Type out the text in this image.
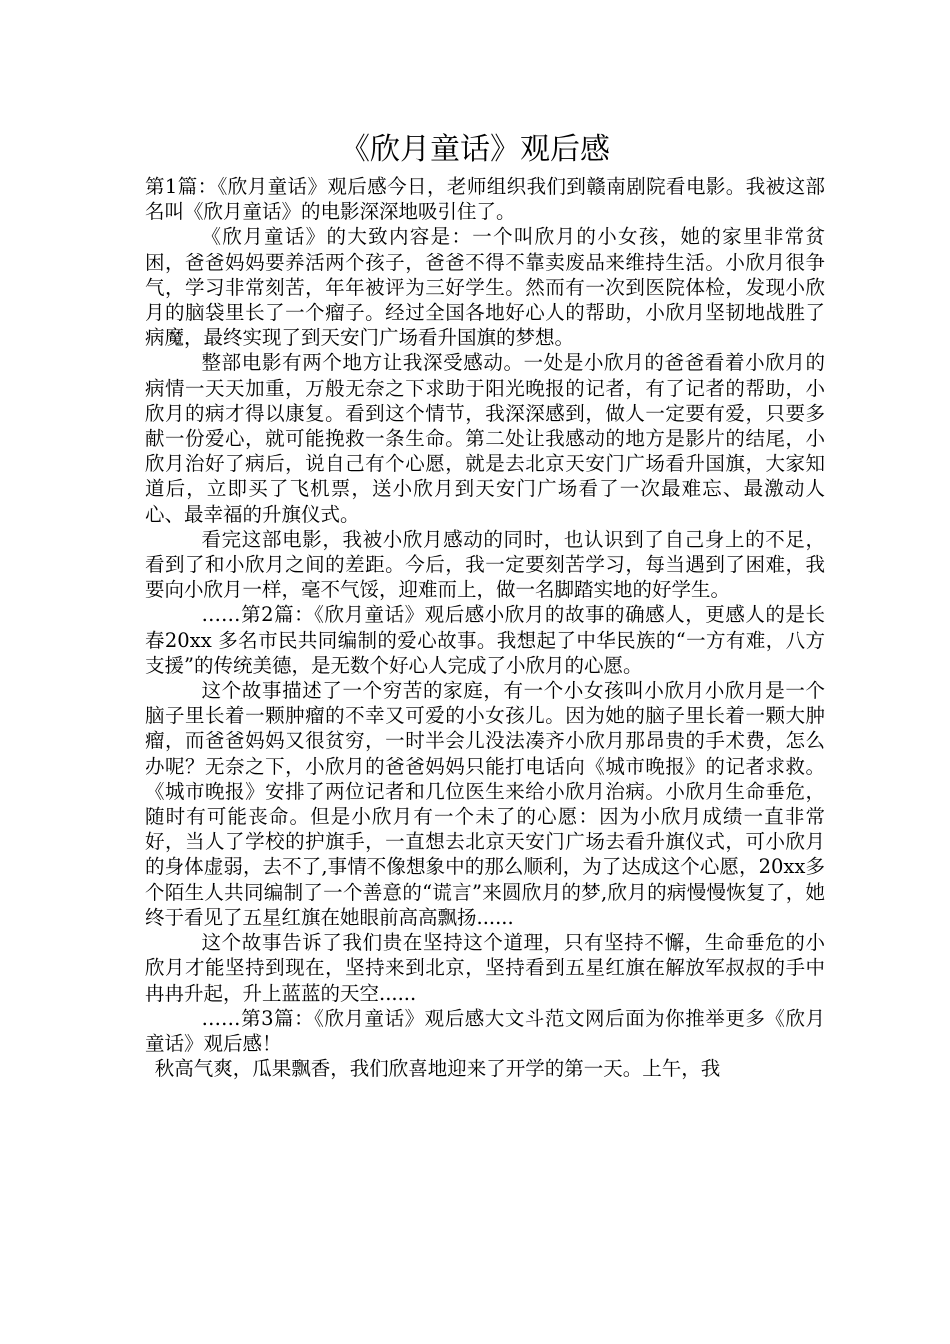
《欣月童话》观后感

第1篇：《欣月童话》观后感今日，老师组织我们到赣南剧院看电影。我被这部名叫《欣月童话》的电影深深地吸引住了。

《欣月童话》的大致内容是：一个叫欣月的小女孩，她的家里非常贫困，爸爸妈妈要养活两个孩子，爸爸不得不靠卖废品来维持生活。小欣月很争气，学习非常刻苦，年年被评为三好学生。然而有一次到医院体检，发现小欣月的脑袋里长了一个瘤子。经过全国各地好心人的帮助，小欣月坚韧地战胜了病魔，最终实现了到天安门广场看升国旗的梦想。

整部电影有两个地方让我深受感动。一处是小欣月的爸爸看着小欣月的病情一天天加重，万般无奈之下求助于阳光晚报的记者，有了记者的帮助，小欣月的病才得以康复。看到这个情节，我深深感到，做人一定要有爱，只要多献一份爱心，就可能挽救一条生命。第二处让我感动的地方是影片的结尾，小欣月治好了病后，说自己有个心愿，就是去北京天安门广场看升国旗，大家知道后，立即买了飞机票，送小欣月到天安门广场看了一次最难忘、最激动人心、最幸福的升旗仪式。

看完这部电影，我被小欣月感动的同时，也认识到了自己身上的不足，看到了和小欣月之间的差距。今后，我一定要刻苦学习，每当遇到了困难，我要向小欣月一样，毫不气馁，迎难而上，做一名脚踏实地的好学生。

……第2篇：《欣月童话》观后感小欣月的故事的确感人，更感人的是长春20xx 多名市民共同编制的爱心故事。我想起了中华民族的“一方有难，八方支援”的传统美德，是无数个好心人完成了小欣月的心愿。

这个故事描述了一个穷苦的家庭，有一个小女孩叫小欣月小欣月是一个脑子里长着一颗肿瘤的不幸又可爱的小女孩儿。因为她的脑子里长着一颗大肿瘤，而爸爸妈妈又很贫穷，一时半会儿没法凑齐小欣月那昂贵的手术费，怎么办呢？无奈之下，小欣月的爸爸妈妈只能打电话向《城市晚报》的记者求救。《城市晚报》安排了两位记者和几位医生来给小欣月治病。小欣月生命垂危，随时有可能丧命。但是小欣月有一个未了的心愿：因为小欣月成绩一直非常好，当人了学校的护旗手，一直想去北京天安门广场去看升旗仪式，可小欣月的身体虚弱，去不了,事情不像想象中的那么顺利，为了达成这个心愿，20xx多个陌生人共同编制了一个善意的“谎言”来圆欣月的梦,欣月的病慢慢恢复了，她终于看见了五星红旗在她眼前高高飘扬......

这个故事告诉了我们贵在坚持这个道理，只有坚持不懈，生命垂危的小欣月才能坚持到现在，坚持来到北京，坚持看到五星红旗在解放军叔叔的手中冉冉升起，升上蓝蓝的天空......

……第3篇：《欣月童话》观后感大文斗范文网后面为你推举更多《欣月童话》观后感！

秋高气爽，瓜果飘香，我们欣喜地迎来了开学的第一天。上午，我
